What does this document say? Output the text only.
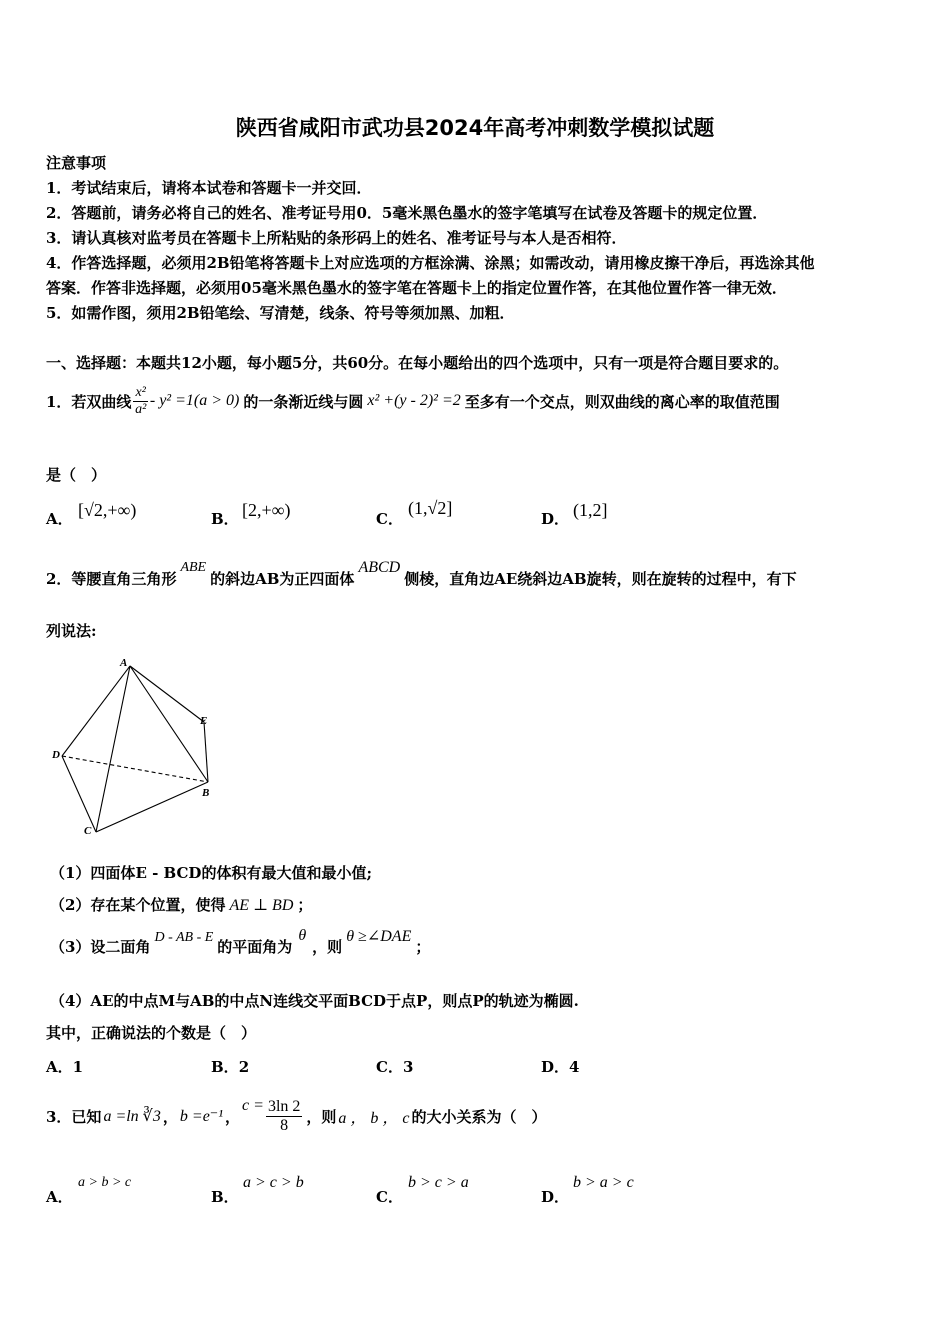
陕西省咸阳市武功县2024年高考冲刺数学模拟试题
注意事项
1．考试结束后，请将本试卷和答题卡一并交回．
2．答题前，请务必将自己的姓名、准考证号用0．5毫米黑色墨水的签字笔填写在试卷及答题卡的规定位置．
3．请认真核对监考员在答题卡上所粘贴的条形码上的姓名、准考证号与本人是否相符．
4．作答选择题，必须用2B铅笔将答题卡上对应选项的方框涂满、涂黑；如需改动，请用橡皮擦干净后，再选涂其他
答案．作答非选择题，必须用05毫米黑色墨水的签字笔在答题卡上的指定位置作答，在其他位置作答一律无效．
5．如需作图，须用2B铅笔绘、写清楚，线条、符号等须加黑、加粗．
一、选择题：本题共12小题，每小题5分，共60分。在每小题给出的四个选项中，只有一项是符合题目要求的。
1．若双曲线 $\frac{\text{x²}}{\text{a²}} - y^2 =1(a > 0)$ 的一条渐近线与圆 x² +(y - 2)² =2 至多有一个交点，则双曲线的离心率的取值范围
是（　）
A． [√2,+∞)	B． [2,+∞)	C．
(1,√2]
D． (1,2]
2．等腰直角三角形
ABE
的斜边AB为正四面体
ABCD
侧棱，直角边AE绕斜边AB旋转，则在旋转的过程中，有下
列说法:
A
E
D
B
C
（1）四面体E - BCD的体积有最大值和最小值;
（2）存在某个位置，使得 AE ⊥ BD ；
（3）设二面角 D - AB - E 的平面角为
θ
，则
θ ≥∠DAE
；
（4）AE的中点M与AB的中点N连线交平面BCD于点P，则点P的轨迹为椭圆.
其中，正确说法的个数是（　）
A．1	B．2	C．3	D．4
3．已知 a =ln ∛3 ， b =e⁻¹ ，
$c = \frac{3\ln 2}{8}$ ，则 a ， b ， c 的大小关系为（　）
A．
a > b > c
B．
a > c > b
C．
b > c > a
D．
b > a > c
